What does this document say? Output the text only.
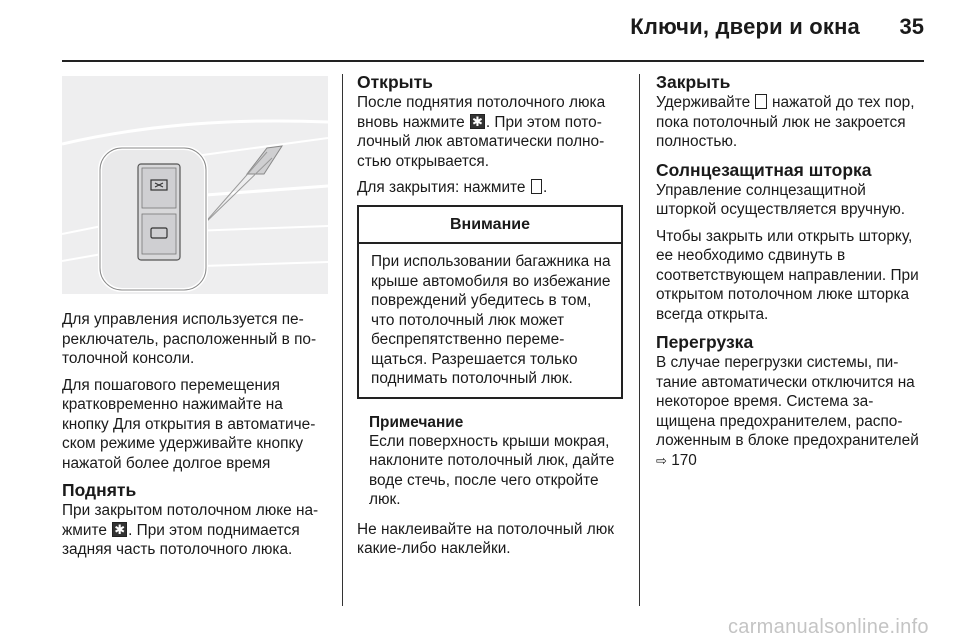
Ключи, двери и окна	35

Для управления используется переключатель, расположенный в потолочной консоли.

Для пошагового перемещения кратковременно нажимайте на кнопку Для открытия в автоматическом режиме удерживайте кнопку нажатой более долгое время

Поднять

При закрытом потолочном люке нажмите ✱ . При этом поднимается задняя часть потолочного люка.

Открыть

После поднятия потолочного люка вновь нажмите ✱ . При этом потолочный люк автоматически полностью открывается.

Для закрытия: нажмите .

Внимание
При использовании багажника на крыше автомобиля во избежание повреждений убедитесь в том, что потолочный люк может беспрепятственно перемещаться. Разрешается только поднимать потолочный люк.
Примечание
Если поверхность крыши мокрая, наклоните потолочный люк, дайте воде стечь, после чего откройте люк.

Не наклеивайте на потолочный люк какие-либо наклейки.

Закрыть

Удерживайте нажатой до тех пор, пока потолочный люк не закроется полностью.

Солнцезащитная шторка

Управление солнцезащитной шторкой осуществляется вручную.

Чтобы закрыть или открыть шторку, ее необходимо сдвинуть в соответствующем направлении. При открытом потолочном люке шторка всегда открыта.

Перегрузка

В случае перегрузки системы, питание автоматически отключится на некоторое время. Система защищена предохранителем, расположенным в блоке предохранителей ⇨ 170

carmanualsonline.info
